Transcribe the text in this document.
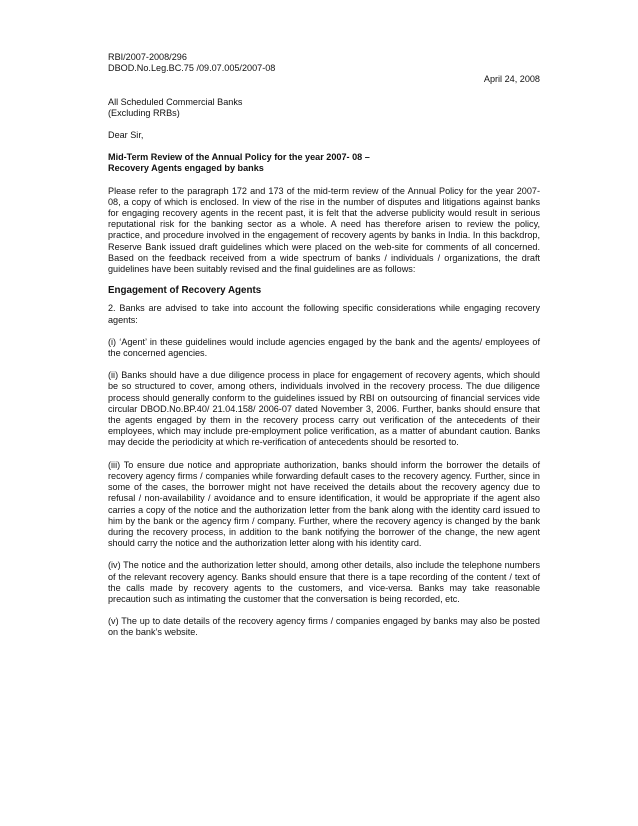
RBI/2007-2008/296
DBOD.No.Leg.BC.75 /09.07.005/2007-08
April 24, 2008
All Scheduled Commercial Banks
(Excluding RRBs)
Dear Sir,
Mid-Term Review of the Annual Policy for the year 2007- 08 –
Recovery Agents engaged by banks

Please refer to the paragraph 172 and 173 of the mid-term review of the Annual Policy for the year 2007-08, a copy of which is enclosed. In view of the rise in the number of disputes and litigations against banks for engaging recovery agents in the recent past, it is felt that the adverse publicity would result in serious reputational risk for the banking sector as a whole. A need has therefore arisen to review the policy, practice, and procedure involved in the engagement of recovery agents by banks in India. In this backdrop, Reserve Bank issued draft guidelines which were placed on the web-site for comments of all concerned. Based on the feedback received from a wide spectrum of banks / individuals / organizations, the draft guidelines have been suitably revised and the final guidelines are as follows:

Engagement of Recovery Agents

2. Banks are advised to take into account the following specific considerations while engaging recovery agents:

(i) ‘Agent’ in these guidelines would include agencies engaged by the bank and the agents/ employees of the concerned agencies.

(ii) Banks should have a due diligence process in place for engagement of recovery agents, which should be so structured to cover, among others, individuals involved in the recovery process. The due diligence process should generally conform to the guidelines issued by RBI on outsourcing of financial services vide circular DBOD.No.BP.40/ 21.04.158/ 2006-07 dated November 3, 2006. Further, banks should ensure that the agents engaged by them in the recovery process carry out verification of the antecedents of their employees, which may include pre-employment police verification, as a matter of abundant caution. Banks may decide the periodicity at which re-verification of antecedents should be resorted to.

(iii) To ensure due notice and appropriate authorization, banks should inform the borrower the details of recovery agency firms / companies while forwarding default cases to the recovery agency. Further, since in some of the cases, the borrower might not have received the details about the recovery agency due to refusal / non-availability / avoidance and to ensure identification, it would be appropriate if the agent also carries a copy of the notice and the authorization letter from the bank along with the identity card issued to him by the bank or the agency firm / company. Further, where the recovery agency is changed by the bank during the recovery process, in addition to the bank notifying the borrower of the change, the new agent should carry the notice and the authorization letter along with his identity card.

(iv) The notice and the authorization letter should, among other details, also include the telephone numbers of the relevant recovery agency. Banks should ensure that there is a tape recording of the content / text of the calls made by recovery agents to the customers, and vice-versa. Banks may take reasonable precaution such as intimating the customer that the conversation is being recorded, etc.

(v) The up to date details of the recovery agency firms / companies engaged by banks may also be posted on the bank’s website.
